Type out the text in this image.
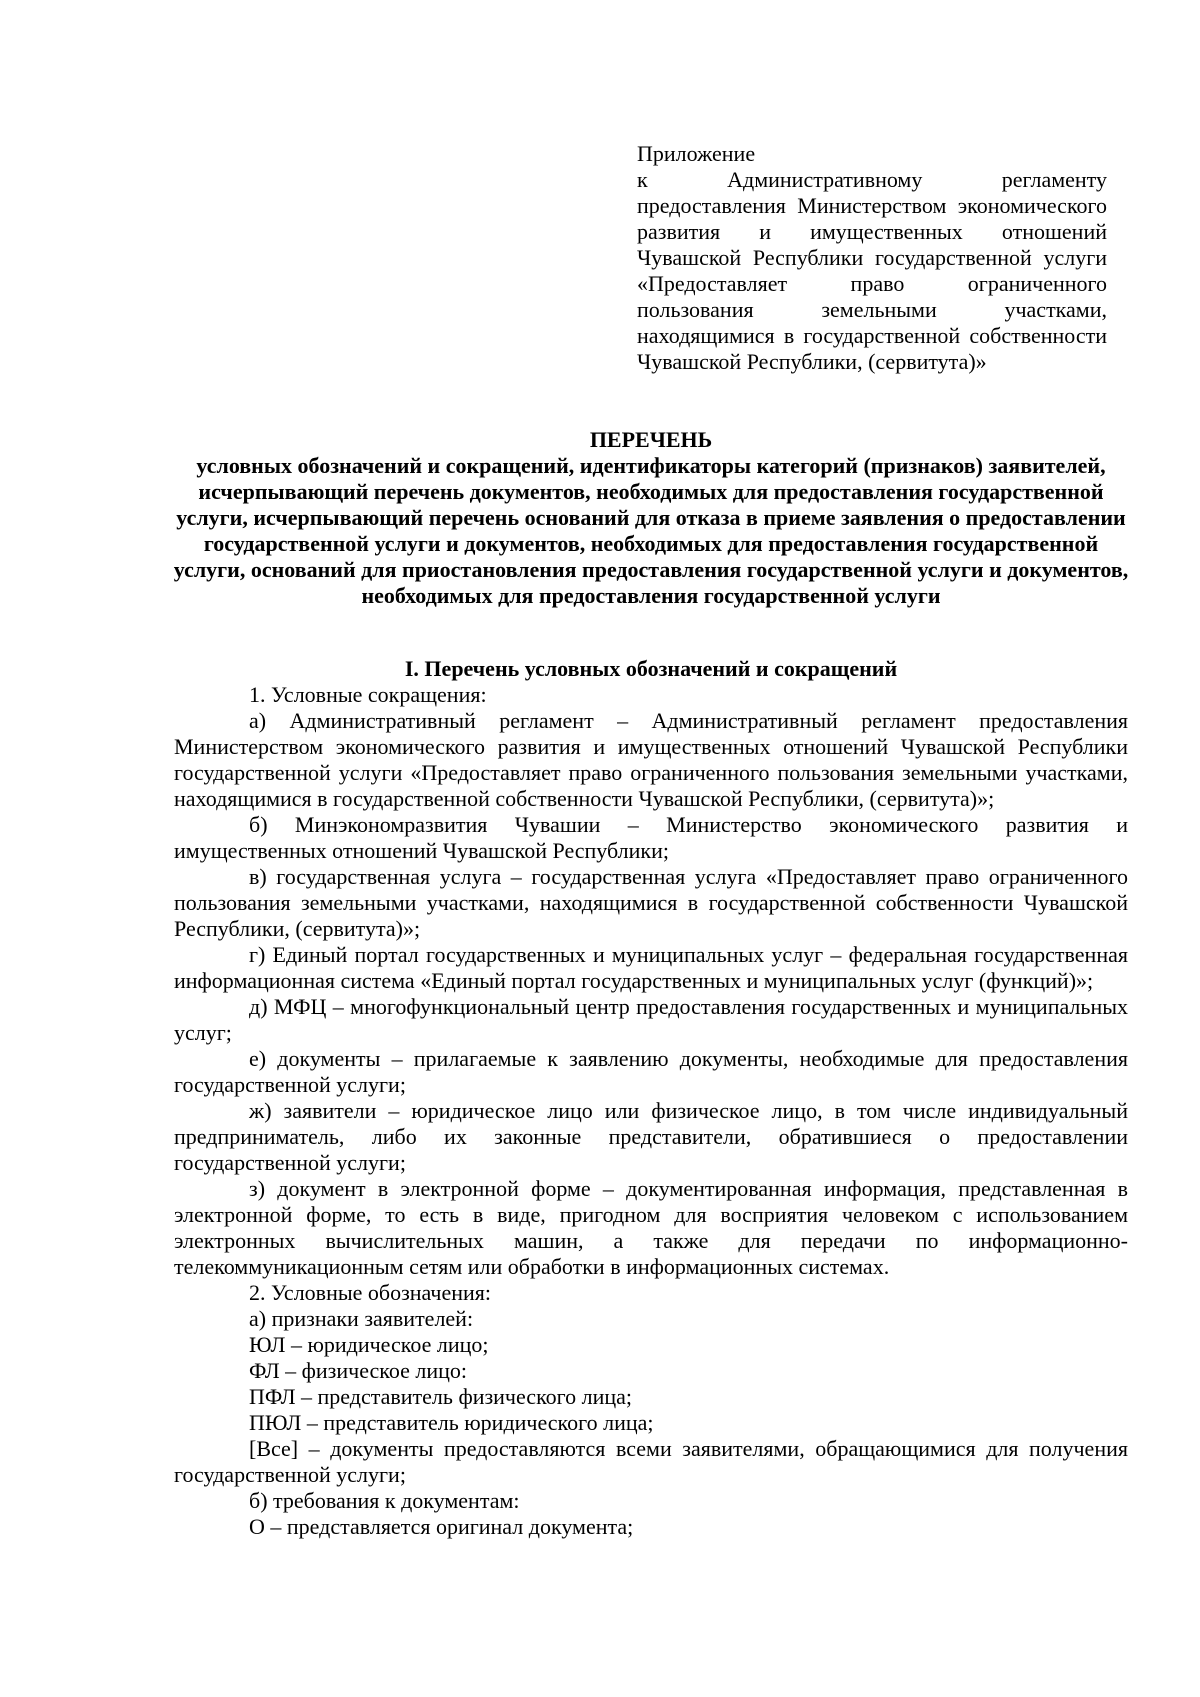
Приложение
к Административному регламенту предоставления Министерством экономического развития и имущественных отношений Чувашской Республики государственной услуги «Предоставляет право ограниченного пользования земельными участками, находящимися в государственной собственности Чувашской Республики, (сервитута)»

ПЕРЕЧЕНЬ

условных обозначений и сокращений, идентификаторы категорий (признаков) заявителей, исчерпывающий перечень документов, необходимых для предоставления государственной услуги, исчерпывающий перечень оснований для отказа в приеме заявления о предоставлении государственной услуги и документов, необходимых для предоставления государственной услуги, оснований для приостановления предоставления государственной услуги и документов, необходимых для предоставления государственной услуги

I. Перечень условных обозначений и сокращений

1. Условные сокращения:

а) Административный регламент – Административный регламент предоставления Министерством экономического развития и имущественных отношений Чувашской Республики государственной услуги «Предоставляет право ограниченного пользования земельными участками, находящимися в государственной собственности Чувашской Республики, (сервитута)»;

б) Минэкономразвития Чувашии – Министерство экономического развития и имущественных отношений Чувашской Республики;

в) государственная услуга – государственная услуга «Предоставляет право ограниченного пользования земельными участками, находящимися в государственной собственности Чувашской Республики, (сервитута)»;

г) Единый портал государственных и муниципальных услуг – федеральная государственная информационная система «Единый портал государственных и муниципальных услуг (функций)»;

д) МФЦ – многофункциональный центр предоставления государственных и муниципальных услуг;

е) документы – прилагаемые к заявлению документы, необходимые для предоставления государственной услуги;

ж) заявители – юридическое лицо или физическое лицо, в том числе индивидуальный предприниматель, либо их законные представители, обратившиеся о предоставлении государственной услуги;

з) документ в электронной форме – документированная информация, представленная в электронной форме, то есть в виде, пригодном для восприятия человеком с использованием электронных вычислительных машин, а также для передачи по информационно-телекоммуникационным сетям или обработки в информационных системах.

2. Условные обозначения:

а) признаки заявителей:

ЮЛ – юридическое лицо;

ФЛ – физическое лицо:

ПФЛ – представитель физического лица;

ПЮЛ – представитель юридического лица;

[Все] – документы предоставляются всеми заявителями, обращающимися для получения государственной услуги;

б) требования к документам:

О – представляется оригинал документа;
